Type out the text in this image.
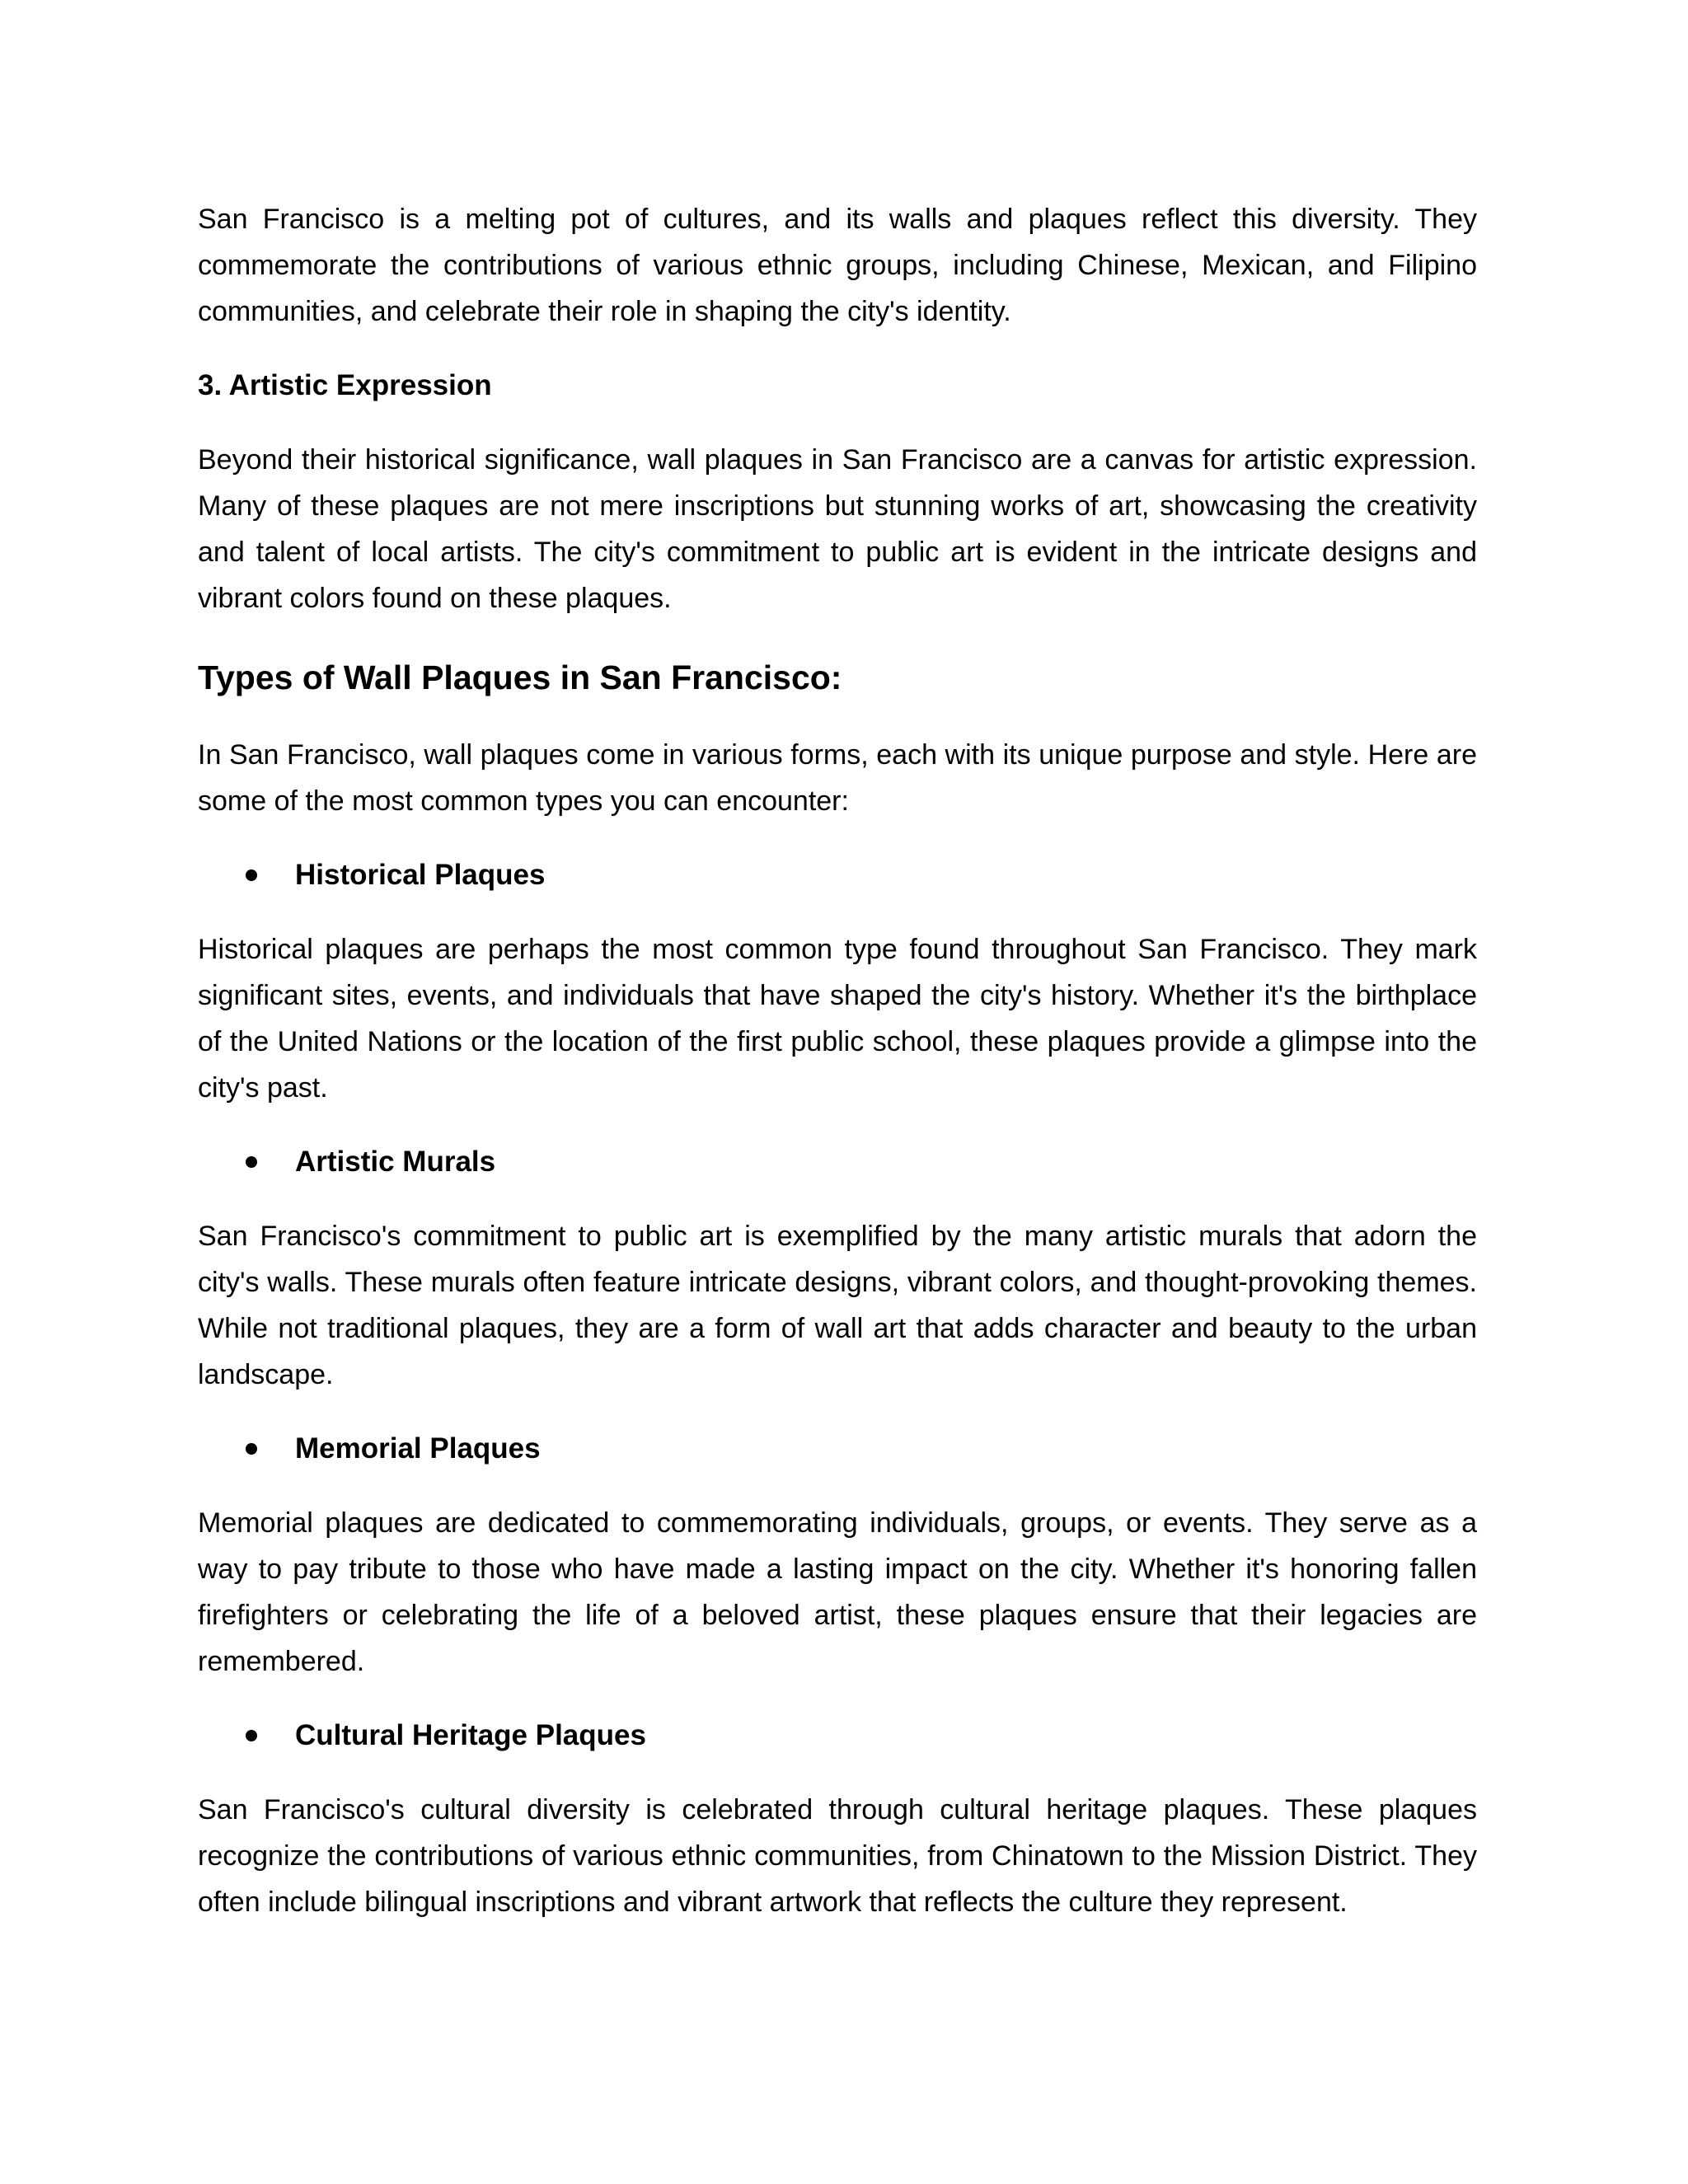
San Francisco is a melting pot of cultures, and its walls and plaques reflect this diversity. They commemorate the contributions of various ethnic groups, including Chinese, Mexican, and Filipino communities, and celebrate their role in shaping the city's identity.

3. Artistic Expression

Beyond their historical significance, wall plaques in San Francisco are a canvas for artistic expression. Many of these plaques are not mere inscriptions but stunning works of art, showcasing the creativity and talent of local artists. The city's commitment to public art is evident in the intricate designs and vibrant colors found on these plaques.

Types of Wall Plaques in San Francisco:

In San Francisco, wall plaques come in various forms, each with its unique purpose and style. Here are some of the most common types you can encounter:

Historical Plaques

Historical plaques are perhaps the most common type found throughout San Francisco. They mark significant sites, events, and individuals that have shaped the city's history. Whether it's the birthplace of the United Nations or the location of the first public school, these plaques provide a glimpse into the city's past.

Artistic Murals

San Francisco's commitment to public art is exemplified by the many artistic murals that adorn the city's walls. These murals often feature intricate designs, vibrant colors, and thought-provoking themes. While not traditional plaques, they are a form of wall art that adds character and beauty to the urban landscape.

Memorial Plaques

Memorial plaques are dedicated to commemorating individuals, groups, or events. They serve as a way to pay tribute to those who have made a lasting impact on the city. Whether it's honoring fallen firefighters or celebrating the life of a beloved artist, these plaques ensure that their legacies are remembered.

Cultural Heritage Plaques

San Francisco's cultural diversity is celebrated through cultural heritage plaques. These plaques recognize the contributions of various ethnic communities, from Chinatown to the Mission District. They often include bilingual inscriptions and vibrant artwork that reflects the culture they represent.
